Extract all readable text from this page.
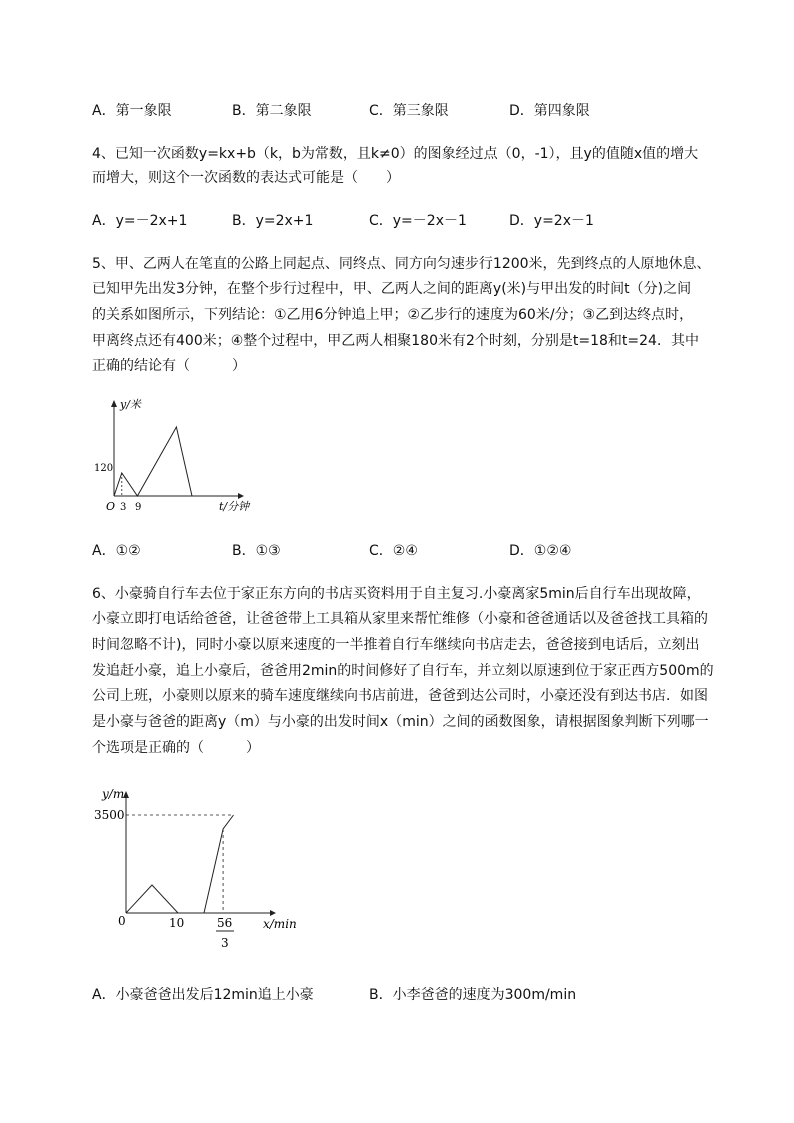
A．第一象限	B．第二象限	C．第三象限	D．第四象限
4、已知一次函数y=kx+b（k，b为常数，且k≠0）的图象经过点（0，-1），且y的值随x值的增大
而增大，则这个一次函数的表达式可能是（　　）
A．y=－2x+1	B．y=2x+1	C．y=－2x－1	D．y=2x－1
5、甲、乙两人在笔直的公路上同起点、同终点、同方向匀速步行1200米，先到终点的人原地休息、
已知甲先出发3分钟，在整个步行过程中，甲、乙两人之间的距离y(米)与甲出发的时间t（分)之间
的关系如图所示，下列结论：①乙用6分钟追上甲；②乙步行的速度为60米/分；③乙到达终点时，
甲离终点还有400米；④整个过程中，甲乙两人相聚180米有2个时刻，分别是t=18和t=24．其中
正确的结论有（　　　）
y/米
120
O 3 9	t/分钟
A．①②	B．①③	C．②④	D．①②④
6、小豪骑自行车去位于家正东方向的书店买资料用于自主复习.小豪离家5min后自行车出现故障，
小豪立即打电话给爸爸，让爸爸带上工具箱从家里来帮忙维修（小豪和爸爸通话以及爸爸找工具箱的
时间忽略不计)，同时小豪以原来速度的一半推着自行车继续向书店走去，爸爸接到电话后，立刻出
发追赶小豪，追上小豪后，爸爸用2min的时间修好了自行车，并立刻以原速到位于家正西方500m的
公司上班，小豪则以原来的骑车速度继续向书店前进，爸爸到达公司时，小豪还没有到达书店．如图
是小豪与爸爸的距离y（m）与小豪的出发时间x（min）之间的函数图象，请根据图象判断下列哪一
个选项是正确的（　　　）
y/m
3500
0	10	56
3
x/min
A．小豪爸爸出发后12min追上小豪	B．小李爸爸的速度为300m/min
